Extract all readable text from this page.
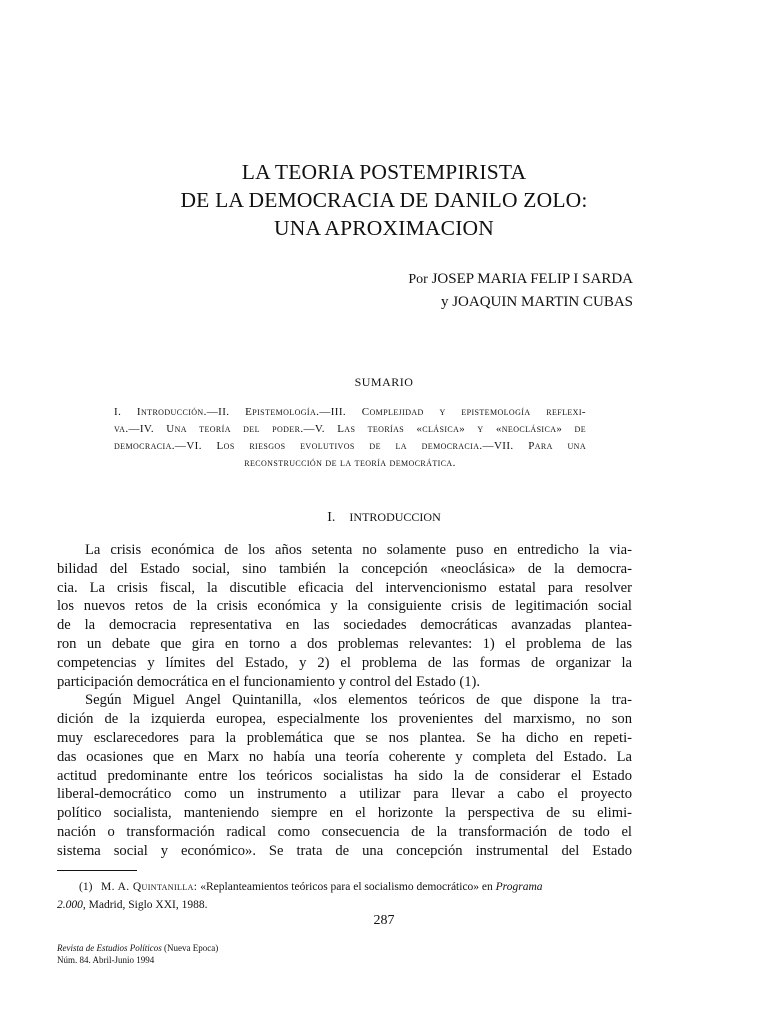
LA TEORIA POSTEMPIRISTA
DE LA DEMOCRACIA DE DANILO ZOLO:
UNA APROXIMACION
Por JOSEP MARIA FELIP I SARDA
y JOAQUIN MARTIN CUBAS
SUMARIO
I. Introducción.—II. Epistemología.—III. Complejidad y epistemología reflexi-
va.—IV. Una teoría del poder.—V. Las teorías «clásica» y «neoclásica» de
democracia.—VI. Los riesgos evolutivos de la democracia.—VII. Para una
reconstrucción de la teoría democrática.
I. INTRODUCCION
La crisis económica de los años setenta no solamente puso en entredicho la via-
bilidad del Estado social, sino también la concepción «neoclásica» de la democra-
cia. La crisis fiscal, la discutible eficacia del intervencionismo estatal para resolver
los nuevos retos de la crisis económica y la consiguiente crisis de legitimación social
de la democracia representativa en las sociedades democráticas avanzadas plantea-
ron un debate que gira en torno a dos problemas relevantes: 1) el problema de las
competencias y límites del Estado, y 2) el problema de las formas de organizar la
participación democrática en el funcionamiento y control del Estado (1).
Según Miguel Angel Quintanilla, «los elementos teóricos de que dispone la tra-
dición de la izquierda europea, especialmente los provenientes del marxismo, no son
muy esclarecedores para la problemática que se nos plantea. Se ha dicho en repeti-
das ocasiones que en Marx no había una teoría coherente y completa del Estado. La
actitud predominante entre los teóricos socialistas ha sido la de considerar el Estado
liberal-democrático como un instrumento a utilizar para llevar a cabo el proyecto
político socialista, manteniendo siempre en el horizonte la perspectiva de su elimi-
nación o transformación radical como consecuencia de la transformación de todo el
sistema social y económico». Se trata de una concepción instrumental del Estado
(1) M. A. Quintanilla: «Replanteamientos teóricos para el socialismo democrático» en Programa
2.000, Madrid, Siglo XXI, 1988.
287
Revista de Estudios Políticos (Nueva Epoca)
Núm. 84. Abril-Junio 1994
